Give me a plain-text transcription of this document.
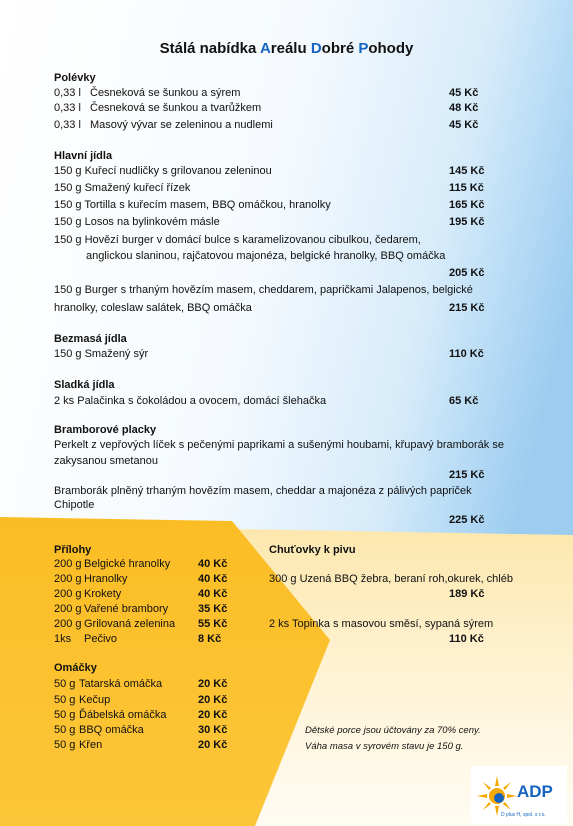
Stálá nabídka Areálu Dobré Pohody
Polévky
0,33 l Česneková se šunkou a sýrem	45 Kč
0,33 l Česneková se šunkou a tvarůžkem	48 Kč
0,33 l Masový vývar se zeleninou a nudlemi	45 Kč
Hlavní jídla
150 g Kuřecí nudličky s grilovanou zeleninou	145 Kč
150 g Smažený kuřecí řízek	115 Kč
150 g Tortilla s kuřecím masem, BBQ omáčkou, hranolky	165 Kč
150 g Losos na bylinkovém másle	195 Kč
150 g Hovězí burger v domácí bulce s karamelizovanou cibulkou, čedarem,
anglickou slaninou, rajčatovou majonéza, belgické hranolky, BBQ omáčka
205 Kč
150 g Burger s trhaným hovězím masem, cheddarem, papričkami Jalapenos, belgické
hranolky, coleslaw salátek, BBQ omáčka	215 Kč
Bezmasá jídla
150 g Smažený sýr	110 Kč
Sladká jídla
2 ks Palačinka s čokoládou a ovocem, domácí šlehačka	65 Kč
Bramborové placky
Perkelt z vepřových líček s pečenými paprikami a sušenými houbami, křupavý bramborák se
zakysanou smetanou
215 Kč
Bramborák plněný trhaným hovězím masem, cheddar a majonéza z pálivých papriček
Chipotle
225 Kč
Přílohy
200 g Belgické hranolky	40 Kč
200 g Hranolky	40 Kč
200 g Krokety	40 Kč
200 g Vařené brambory	35 Kč
200 g Grilovaná zelenina 55 Kč
1ks Pečivo	8 Kč
Omáčky
50 g Tatarská omáčka	20 Kč
50 g Kečup	20 Kč
50 g Ďábelská omáčka	20 Kč
50 g BBQ omáčka	30 Kč
50 g Křen	20 Kč
Chuťovky k pivu
300 g Uzená BBQ žebra, beraní roh,okurek, chléb
189 Kč
2 ks Topinka s masovou směsí, sypaná sýrem
110 Kč
Dětské porce jsou účtovány za 70% ceny.
Váha masa v syrovém stavu je 150 g.
ADP
D plus H, spol. s r.o.
